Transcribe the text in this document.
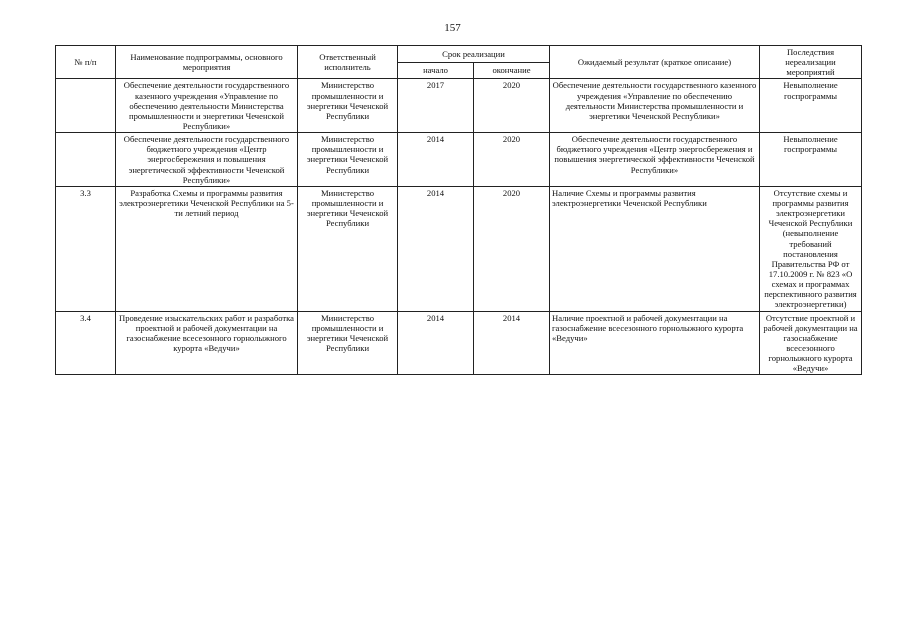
157
№ п/п	Наименование подпрограммы, основного мероприятия	Ответственный исполнитель	Срок реализации		Ожидаемый результат (краткое описание)	Последствия нереализации мероприятий
			начало	окончание		
	Обеспечение деятельности государственного казенного учреждения «Управление по обеспечению деятельности Министерства промышленности и энергетики Чеченской Республики»	Министерство промышленности и энергетики Чеченской Республики	2017	2020	Обеспечение деятельности государственного казенного учреждения «Управление по обеспечению деятельности Министерства промышленности и энергетики Чеченской Республики»	Невыполнение госпрограммы
	Обеспечение деятельности государственного бюджетного учреждения «Центр энергосбережения и повышения энергетической эффективности Чеченской Республики»	Министерство промышленности и энергетики Чеченской Республики	2014	2020	Обеспечение деятельности государственного бюджетного учреждения «Центр энергосбережения и повышения энергетической эффективности Чеченской Республики»	Невыполнение госпрограммы
3.3	Разработка Схемы и программы развития электроэнергетики Чеченской Республики на 5-ти летний период	Министерство промышленности и энергетики Чеченской Республики	2014	2020	Наличие Схемы и программы развития электроэнергетики Чеченской Республики	Отсутствие схемы и программы развития электроэнергетики Чеченской Республики (невыполнение требований постановления Правительства РФ от 17.10.2009 г. № 823 «О схемах и программах перспективного развития электроэнергетики)
3.4	Проведение изыскательских работ и разработка проектной и рабочей документации на газоснабжение всесезонного горнолыжного курорта «Ведучи»	Министерство промышленности и энергетики Чеченской Республики	2014	2014	Наличие проектной и рабочей документации на газоснабжение всесезонного горнолыжного курорта «Ведучи»	Отсутствие проектной и рабочей документации на газоснабжение всесезонного горнолыжного курорта «Ведучи»
